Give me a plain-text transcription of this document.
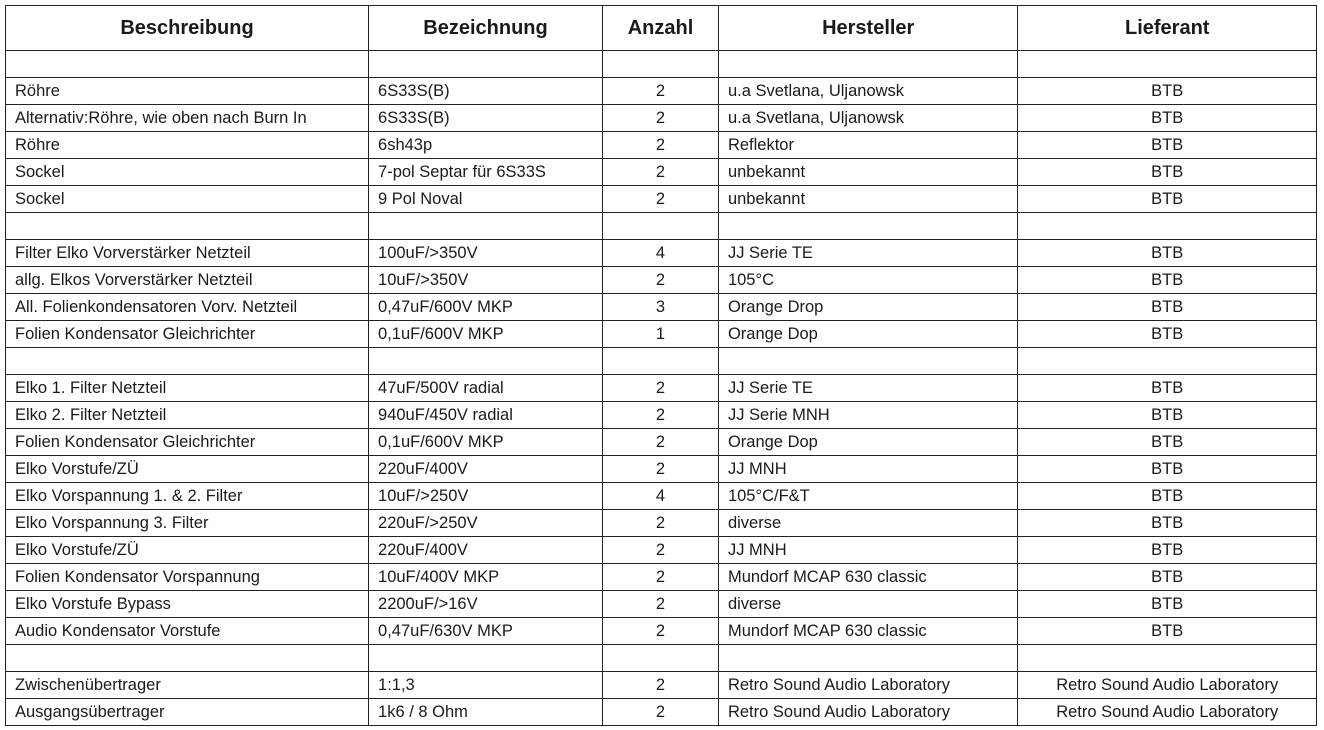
Beschreibung	Bezeichnung	Anzahl	Hersteller	Lieferant

Röhre	6S33S(B)	2	u.a Svetlana, Uljanowsk	BTB
Alternativ:Röhre, wie oben nach Burn In	6S33S(B)	2	u.a Svetlana, Uljanowsk	BTB
Röhre	6sh43p	2	Reflektor	BTB
Sockel	7-pol Septar für 6S33S	2	unbekannt	BTB
Sockel	9 Pol Noval	2	unbekannt	BTB

Filter Elko Vorverstärker Netzteil	100uF/>350V	4	JJ Serie TE	BTB
allg. Elkos Vorverstärker Netzteil	10uF/>350V	2	105°C	BTB
All. Folienkondensatoren Vorv. Netzteil	0,47uF/600V MKP	3	Orange Drop	BTB
Folien Kondensator Gleichrichter	0,1uF/600V MKP	1	Orange Dop	BTB

Elko 1. Filter Netzteil	47uF/500V radial	2	JJ Serie TE	BTB
Elko 2. Filter Netzteil	940uF/450V radial	2	JJ Serie MNH	BTB
Folien Kondensator Gleichrichter	0,1uF/600V MKP	2	Orange Dop	BTB
Elko Vorstufe/ZÜ	220uF/400V	2	JJ MNH	BTB
Elko Vorspannung 1. & 2. Filter	10uF/>250V	4	105°C/F&T	BTB
Elko Vorspannung 3. Filter	220uF/>250V	2	diverse	BTB
Elko Vorstufe/ZÜ	220uF/400V	2	JJ MNH	BTB
Folien Kondensator Vorspannung	10uF/400V MKP	2	Mundorf MCAP 630 classic	BTB
Elko Vorstufe Bypass	2200uF/>16V	2	diverse	BTB
Audio Kondensator Vorstufe	0,47uF/630V MKP	2	Mundorf MCAP 630 classic	BTB

Zwischenübertrager	1:1,3	2	Retro Sound Audio Laboratory	Retro Sound Audio Laboratory
Ausgangsübertrager	1k6 / 8 Ohm	2	Retro Sound Audio Laboratory	Retro Sound Audio Laboratory
